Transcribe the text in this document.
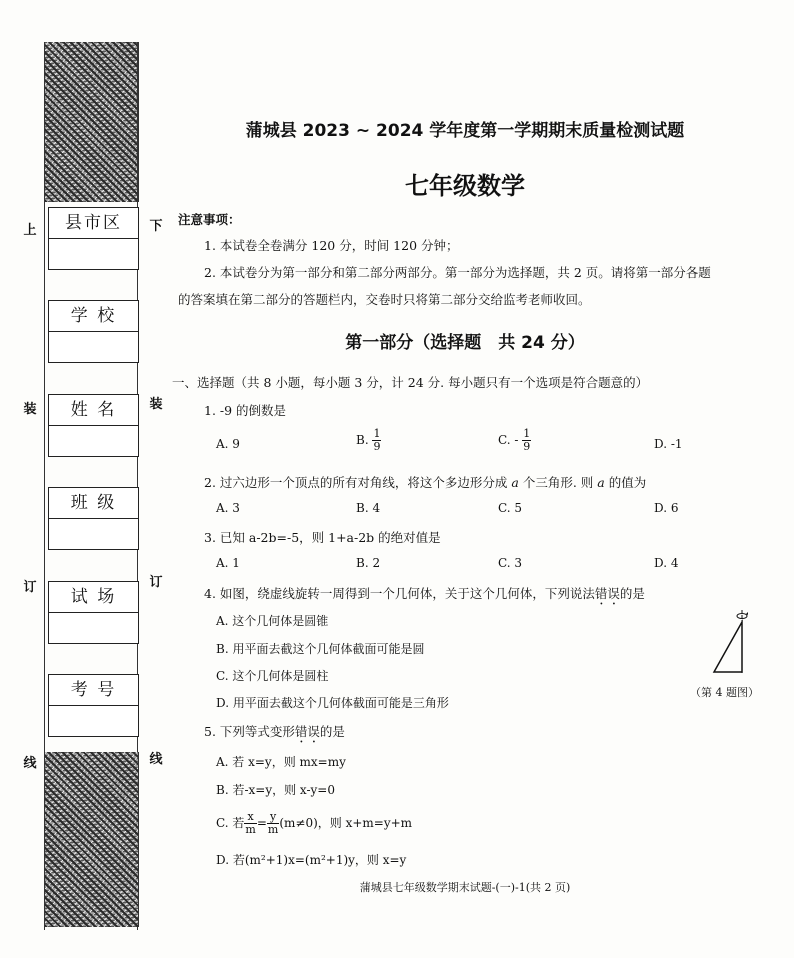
上	下
装	装
订	订
线	线
县市区
学 校
姓 名
班 级
试 场
考 号
蒲城县 2023 ~ 2024 学年度第一学期期末质量检测试题
七年级数学
注意事项：
1. 本试卷全卷满分 120 分，时间 120 分钟；
2. 本试卷分为第一部分和第二部分两部分。第一部分为选择题，共 2 页。请将第一部分各题
的答案填在第二部分的答题栏内，交卷时只将第二部分交给监考老师收回。
第一部分（选择题　共 24 分）
一、选择题（共 8 小题，每小题 3 分，计 24 分. 每小题只有一个选项是符合题意的）
1. -9 的倒数是
A. 9	B. $\frac{1}{9}$	C. - $\frac{1}{9}$	D. -1
2. 过六边形一个顶点的所有对角线，将这个多边形分成 a 个三角形. 则 a 的值为
A. 3	B. 4	C. 5	D. 6
3. 已知 a-2b=-5，则 1+a-2b 的绝对值是
A. 1	B. 2	C. 3	D. 4
4. 如图，绕虚线旋转一周得到一个几何体，关于这个几何体，下列说法错误的是
A. 这个几何体是圆锥
B. 用平面去截这个几何体截面可能是圆
C. 这个几何体是圆柱
D. 用平面去截这个几何体截面可能是三角形
（第 4 题图）
5. 下列等式变形错误的是
A. 若 x=y，则 mx=my
B. 若-x=y，则 x-y=0
C. 若 $\frac{x}{m} = \frac{y}{m} (m\ne 0)$，则 x+m=y+m
D. 若(m²+1)x=(m²+1)y，则 x=y
蒲城县七年级数学期末试题-(一)-1(共 2 页)
